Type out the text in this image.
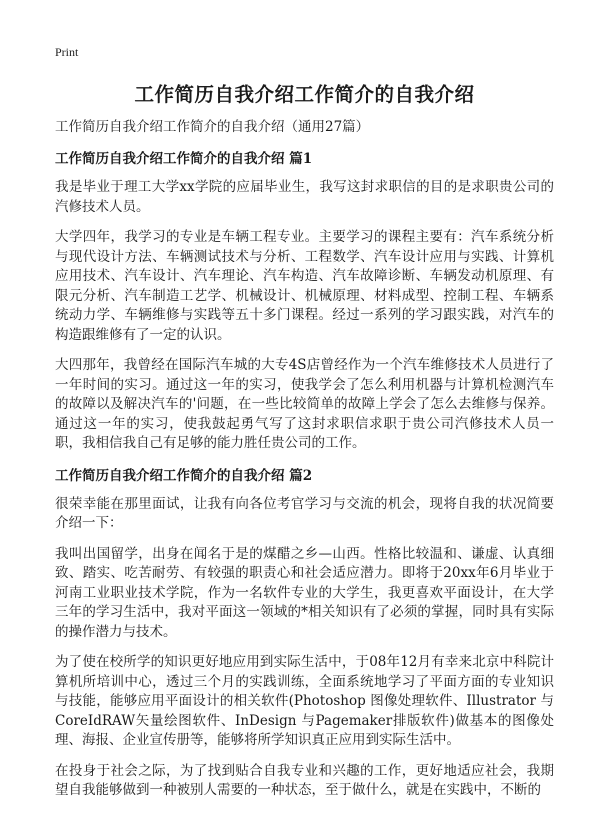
Print
工作简历自我介绍工作简介的自我介绍
工作简历自我介绍工作简介的自我介绍（通用27篇）
工作简历自我介绍工作简介的自我介绍 篇1
我是毕业于理工大学xx学院的应届毕业生，我写这封求职信的目的是求职贵公司的汽修技术人员。
大学四年，我学习的专业是车辆工程专业。主要学习的课程主要有：汽车系统分析与现代设计方法、车辆测试技术与分析、工程数学、汽车设计应用与实践、计算机应用技术、汽车设计、汽车理论、汽车构造、汽车故障诊断、车辆发动机原理、有限元分析、汽车制造工艺学、机械设计、机械原理、材料成型、控制工程、车辆系统动力学、车辆维修与实践等五十多门课程。经过一系列的学习跟实践，对汽车的构造跟维修有了一定的认识。
大四那年，我曾经在国际汽车城的大专4S店曾经作为一个汽车维修技术人员进行了一年时间的实习。通过这一年的实习，使我学会了怎么利用机器与计算机检测汽车的故障以及解决汽车的'问题，在一些比较简单的故障上学会了怎么去维修与保养。通过这一年的实习，使我鼓起勇气写了这封求职信求职于贵公司汽修技术人员一职，我相信我自己有足够的能力胜任贵公司的工作。
工作简历自我介绍工作简介的自我介绍 篇2
很荣幸能在那里面试，让我有向各位考官学习与交流的机会，现将自我的状况简要介绍一下：
我叫出国留学，出身在闻名于是的煤醋之乡—山西。性格比较温和、谦虚、认真细致、踏实、吃苦耐劳、有较强的职责心和社会适应潜力。即将于20xx年6月毕业于河南工业职业技术学院，作为一名软件专业的大学生，我更喜欢平面设计，在大学三年的学习生活中，我对平面这一领域的*相关知识有了必须的掌握，同时具有实际的操作潜力与技术。
为了使在校所学的知识更好地应用到实际生活中，于08年12月有幸来北京中科院计算机所培训中心，透过三个月的实践训练，全面系统地学习了平面方面的专业知识与技能，能够应用平面设计的相关软件(Photoshop 图像处理软件、Illustrator 与 CoreIdRAW矢量绘图软件、InDesign 与Pagemaker排版软件)做基本的图像处理、海报、企业宣传册等，能够将所学知识真正应用到实际生活中。
在投身于社会之际，为了找到贴合自我专业和兴趣的工作，更好地适应社会，我期望自我能够做到一种被别人需要的一种状态，至于做什么，就是在实践中，不断的
